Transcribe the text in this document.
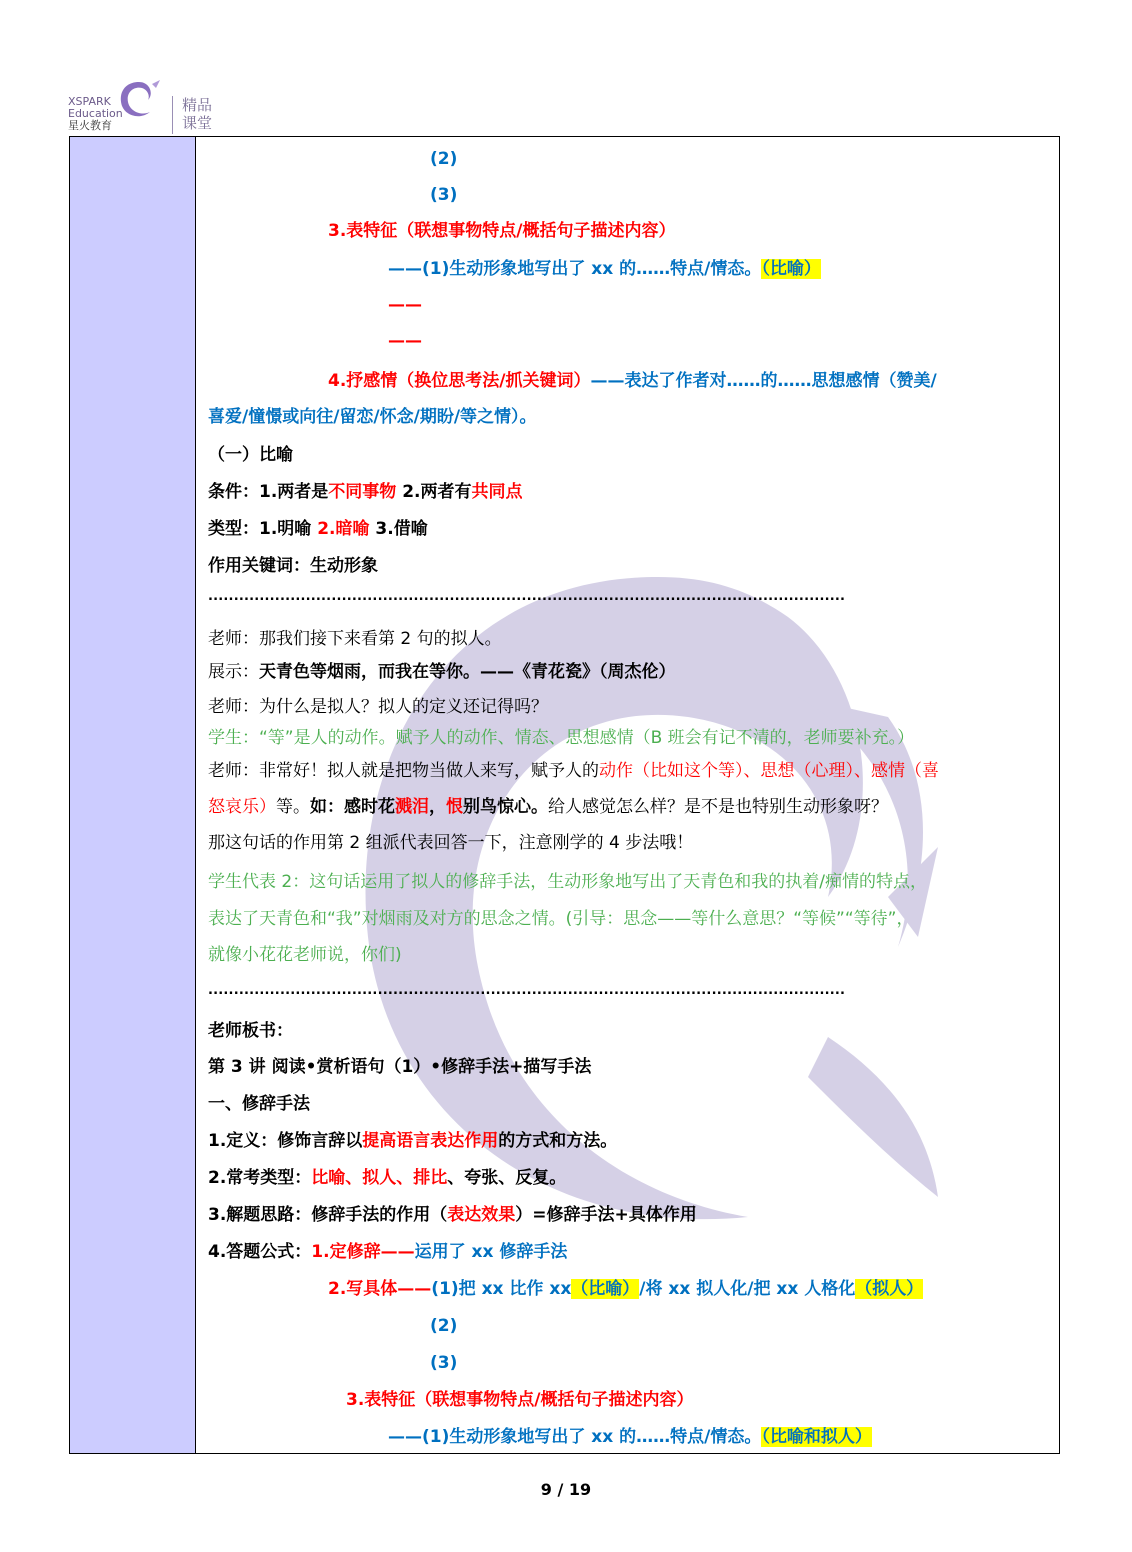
XSPARK
Education
星火教育
精品
课堂
(2)
(3)
3.表特征（联想事物特点/概括句子描述内容）
——(1)生动形象地写出了 xx 的……特点/情态。（比喻）
——
——
4.抒感情（换位思考法/抓关键词）——表达了作者对……的……思想感情（赞美/
喜爱/憧憬或向往/留恋/怀念/期盼/等之情）。
（一）比喻
条件：1.两者是不同事物 2.两者有共同点
类型：1.明喻 2.暗喻 3.借喻
作用关键词：生动形象
............................................................................................................................
老师：那我们接下来看第 2 句的拟人。
展示：天青色等烟雨，而我在等你。——《青花瓷》（周杰伦）
老师：为什么是拟人？拟人的定义还记得吗？
学生：“等”是人的动作。赋予人的动作、情态、思想感情（B 班会有记不清的，老师要补充。）
老师：非常好！拟人就是把物当做人来写，赋予人的动作（比如这个等）、思想（心理）、感情（喜
怒哀乐）等。如：感时花溅泪，恨别鸟惊心。给人感觉怎么样？是不是也特别生动形象呀？
那这句话的作用第 2 组派代表回答一下，注意刚学的 4 步法哦！
学生代表 2：这句话运用了拟人的修辞手法，生动形象地写出了天青色和我的执着/痴情的特点，
表达了天青色和“我”对烟雨及对方的思念之情。(引导：思念——等什么意思？“等候”“等待”，
就像小花花老师说，你们)
............................................................................................................................
老师板书：
第 3 讲 阅读•赏析语句（1）•修辞手法+描写手法
一、修辞手法
1.定义：修饰言辞以提高语言表达作用的方式和方法。
2.常考类型：比喻、拟人、排比、夸张、反复。
3.解题思路：修辞手法的作用（表达效果）=修辞手法+具体作用
4.答题公式：1.定修辞——运用了 xx 修辞手法
2.写具体——(1)把 xx 比作 xx（比喻）/将 xx 拟人化/把 xx 人格化（拟人）
(2)
(3)
3.表特征（联想事物特点/概括句子描述内容）
——(1)生动形象地写出了 xx 的……特点/情态。（比喻和拟人）
9 / 19
